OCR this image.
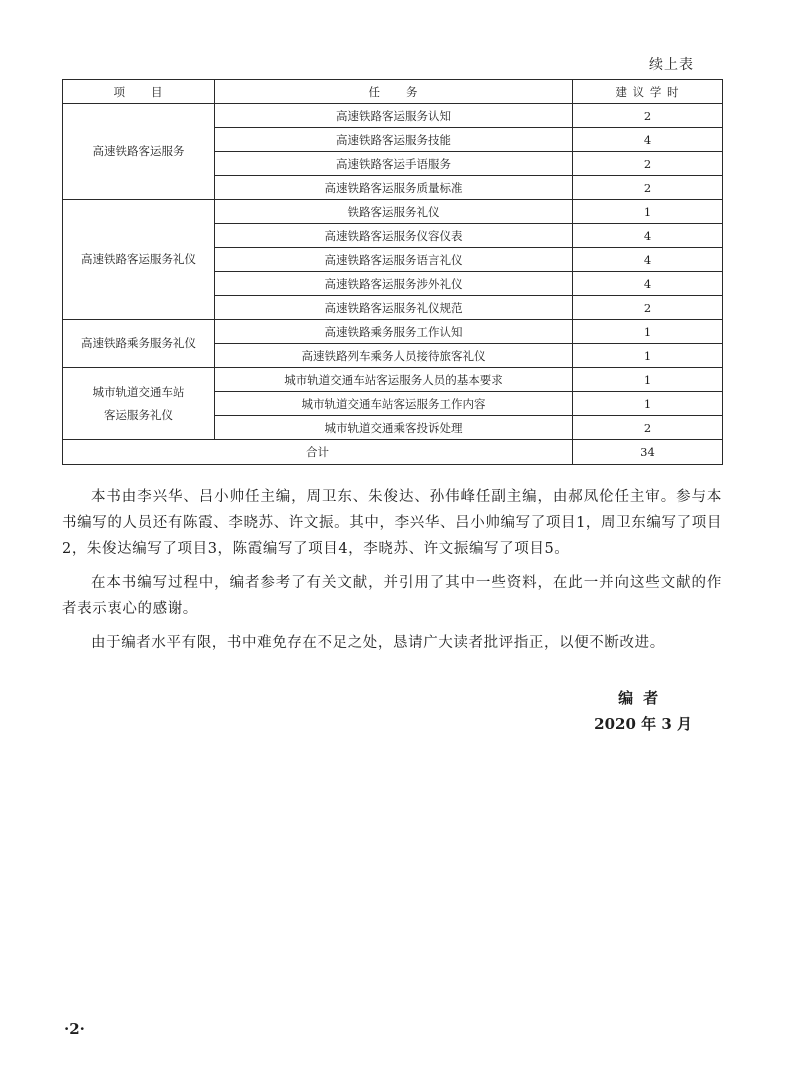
续上表
项　　目	任　　务	建 议 学 时

高速铁路客运服务	高速铁路客运服务认知	2
	高速铁路客运服务技能	4
	高速铁路客运手语服务	2
	高速铁路客运服务质量标准	2

高速铁路客运服务礼仪	铁路客运服务礼仪	1
	高速铁路客运服务仪容仪表	4
	高速铁路客运服务语言礼仪	4
	高速铁路客运服务涉外礼仪	4
	高速铁路客运服务礼仪规范	2

高速铁路乘务服务礼仪	高速铁路乘务服务工作认知	1
	高速铁路列车乘务人员接待旅客礼仪	1

城市轨道交通车站
客运服务礼仪	城市轨道交通车站客运服务人员的基本要求	1
	城市轨道交通车站客运服务工作内容	1
	城市轨道交通乘客投诉处理	2
合计		34

本书由李兴华、吕小帅任主编，周卫东、朱俊达、孙伟峰任副主编，由郝凤伦任主审。参与本书编写的人员还有陈霞、李晓苏、许文振。其中，李兴华、吕小帅编写了项目1，周卫东编写了项目2，朱俊达编写了项目3，陈霞编写了项目4，李晓苏、许文振编写了项目5。

在本书编写过程中，编者参考了有关文献，并引用了其中一些资料，在此一并向这些文献的作者表示衷心的感谢。

由于编者水平有限，书中难免存在不足之处，恳请广大读者批评指正，以便不断改进。

编者
2020 年 3 月
·2·
